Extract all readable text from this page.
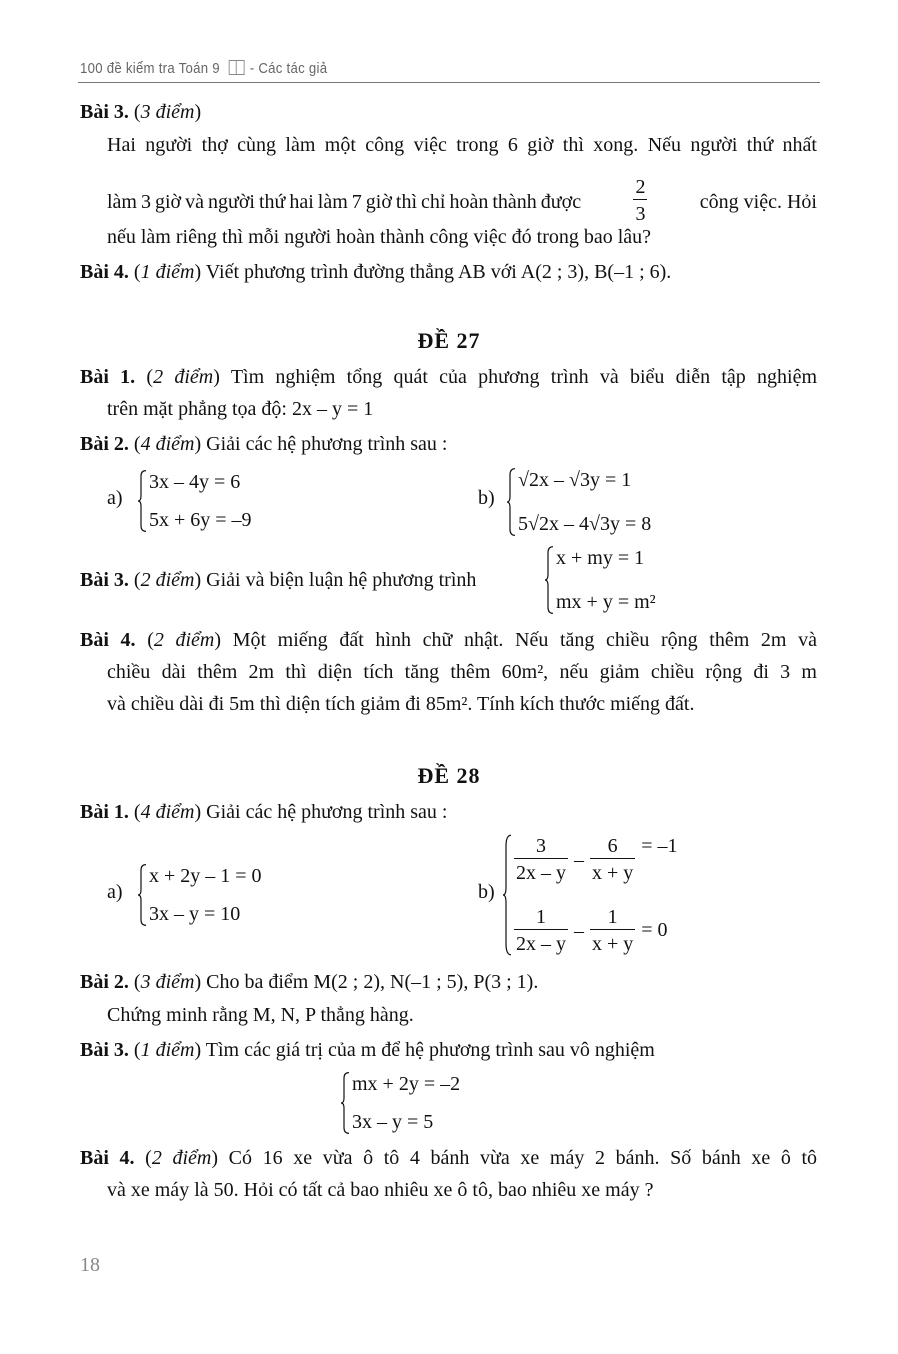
100 đề kiểm tra Toán 9 - Các tác giả
Bài 3. ( 3 điểm )
Hai người thợ cùng làm một công việc trong 6 giờ thì xong. Nếu người thứ nhất
làm 3 giờ và người thứ hai làm 7 giờ thì chỉ hoàn thành được	$\frac{2}{3}$	công việc. Hỏi
nếu làm riêng thì mỗi người hoàn thành công việc đó trong bao lâu?
Bài 4. ( 1 điểm ) Viết phương trình đường thẳng AB với A(2 ; 3), B(–1 ; 6).
ĐỀ 27
Bài 1. ( 2 điểm ) Tìm nghiệm tổng quát của phương trình và biểu diễn tập nghiệm
trên mặt phẳng tọa độ: 2x – y = 1
Bài 2. ( 4 điểm ) Giải các hệ phương trình sau :
a)
3x – 4y = 6
5x + 6y = –9
b)
√2x – √3y = 1
5√2x – 4√3y = 8
Bài 3. ( 2 điểm ) Giải và biện luận hệ phương trình
x + my = 1
mx + y = m²
Bài 4. ( 2 điểm ) Một miếng đất hình chữ nhật. Nếu tăng chiều rộng thêm 2m và
chiều dài thêm 2m thì diện tích tăng thêm 60m², nếu giảm chiều rộng đi 3 m
và chiều dài đi 5m thì diện tích giảm đi 85m². Tính kích thước miếng đất.
ĐỀ 28
Bài 1. ( 4 điểm ) Giải các hệ phương trình sau :
a)
x + 2y – 1 = 0
3x – y = 10
b)
$\frac{3}{2x - y} - \frac{6}{x + y} = -1$
$\frac{1}{2x - y} - \frac{1}{x + y} = 0$
Bài 2. ( 3 điểm ) Cho ba điểm M(2 ; 2), N(–1 ; 5), P(3 ; 1).
Chứng minh rằng M, N, P thẳng hàng.
Bài 3. ( 1 điểm ) Tìm các giá trị của m để hệ phương trình sau vô nghiệm
mx + 2y = –2
3x – y = 5
Bài 4. ( 2 điểm ) Có 16 xe vừa ô tô 4 bánh vừa xe máy 2 bánh. Số bánh xe ô tô
và xe máy là 50. Hỏi có tất cả bao nhiêu xe ô tô, bao nhiêu xe máy ?
18
